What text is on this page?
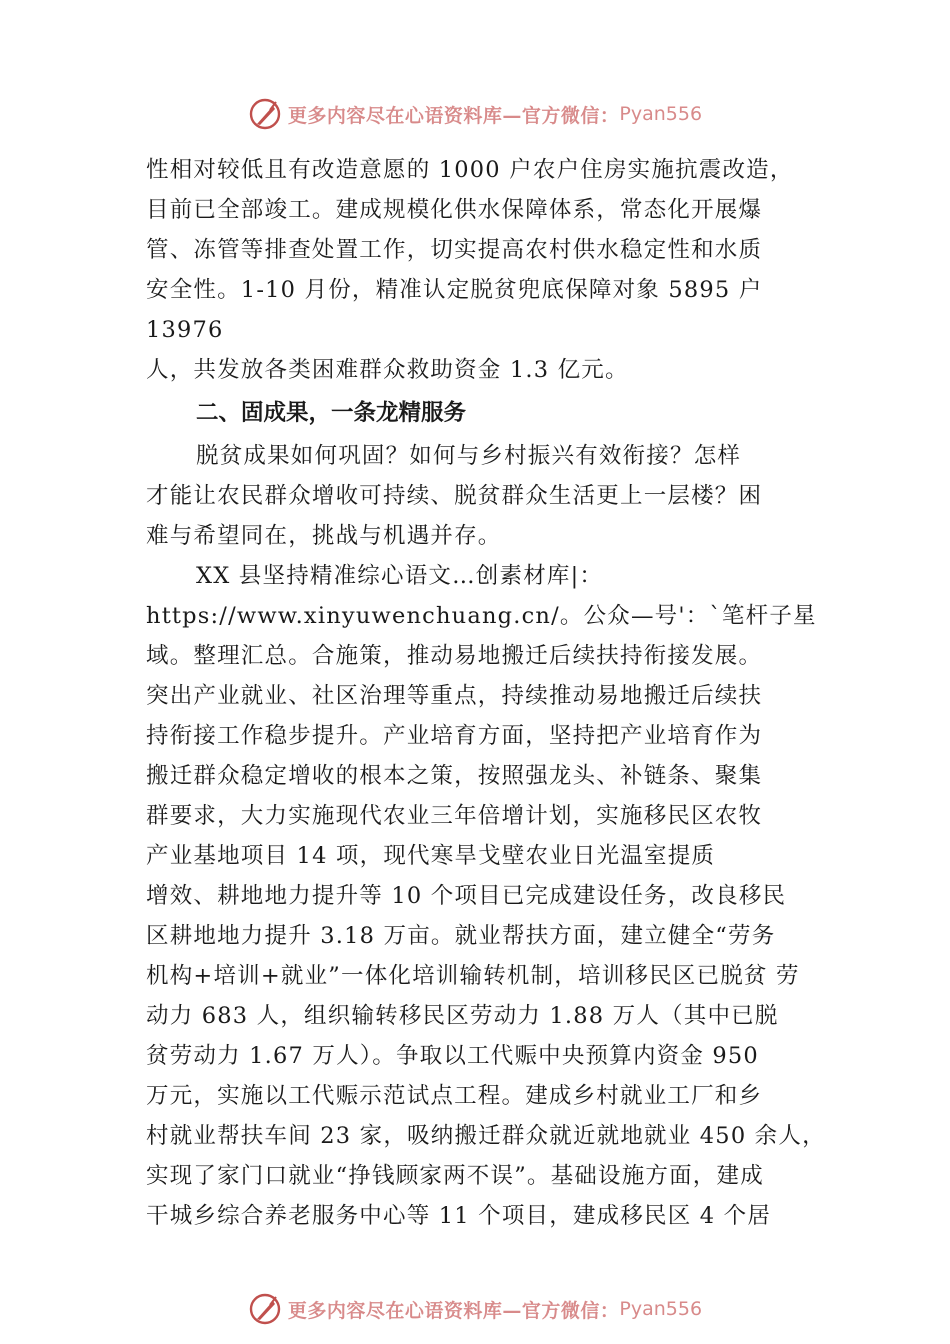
更多内容尽在心语资料库—官方微信： Pyan556
性相对较低且有改造意愿的 1000 户农户住房实施抗震改造，
目前已全部竣工。建成规模化供水保障体系，常态化开展爆
管、冻管等排查处置工作，切实提高农村供水稳定性和水质
安全性。1-10 月份，精准认定脱贫兜底保障对象 5895 户
13976
人，共发放各类困难群众救助资金 1.3 亿元。
二、固成果，一条龙精服务
脱贫成果如何巩固？如何与乡村振兴有效衔接？怎样
才能让农民群众增收可持续、脱贫群众生活更上一层楼？困
难与希望同在，挑战与机遇并存。
XX 县坚持精准综心语文…创素材库|：
https://www.xinyuwenchuang.cn/。公众—号'：`笔杆子星
域。整理汇总。合施策，推动易地搬迁后续扶持衔接发展。
突出产业就业、社区治理等重点，持续推动易地搬迁后续扶
持衔接工作稳步提升。产业培育方面，坚持把产业培育作为
搬迁群众稳定增收的根本之策，按照强龙头、补链条、聚集
群要求，大力实施现代农业三年倍增计划，实施移民区农牧
产业基地项目 14 项，现代寒旱戈壁农业日光温室提质
增效、耕地地力提升等 10 个项目已完成建设任务，改良移民
区耕地地力提升 3.18 万亩。就业帮扶方面，建立健全“劳务
机构+培训+就业”一体化培训输转机制，培训移民区已脱贫 劳
动力 683 人，组织输转移民区劳动力 1.88 万人（其中已脱
贫劳动力 1.67 万人）。争取以工代赈中央预算内资金 950
万元，实施以工代赈示范试点工程。建成乡村就业工厂和乡
村就业帮扶车间 23 家，吸纳搬迁群众就近就地就业 450 余人，
实现了家门口就业“挣钱顾家两不误”。基础设施方面，建成
干城乡综合养老服务中心等 11 个项目，建成移民区 4 个居
更多内容尽在心语资料库—官方微信： Pyan556
